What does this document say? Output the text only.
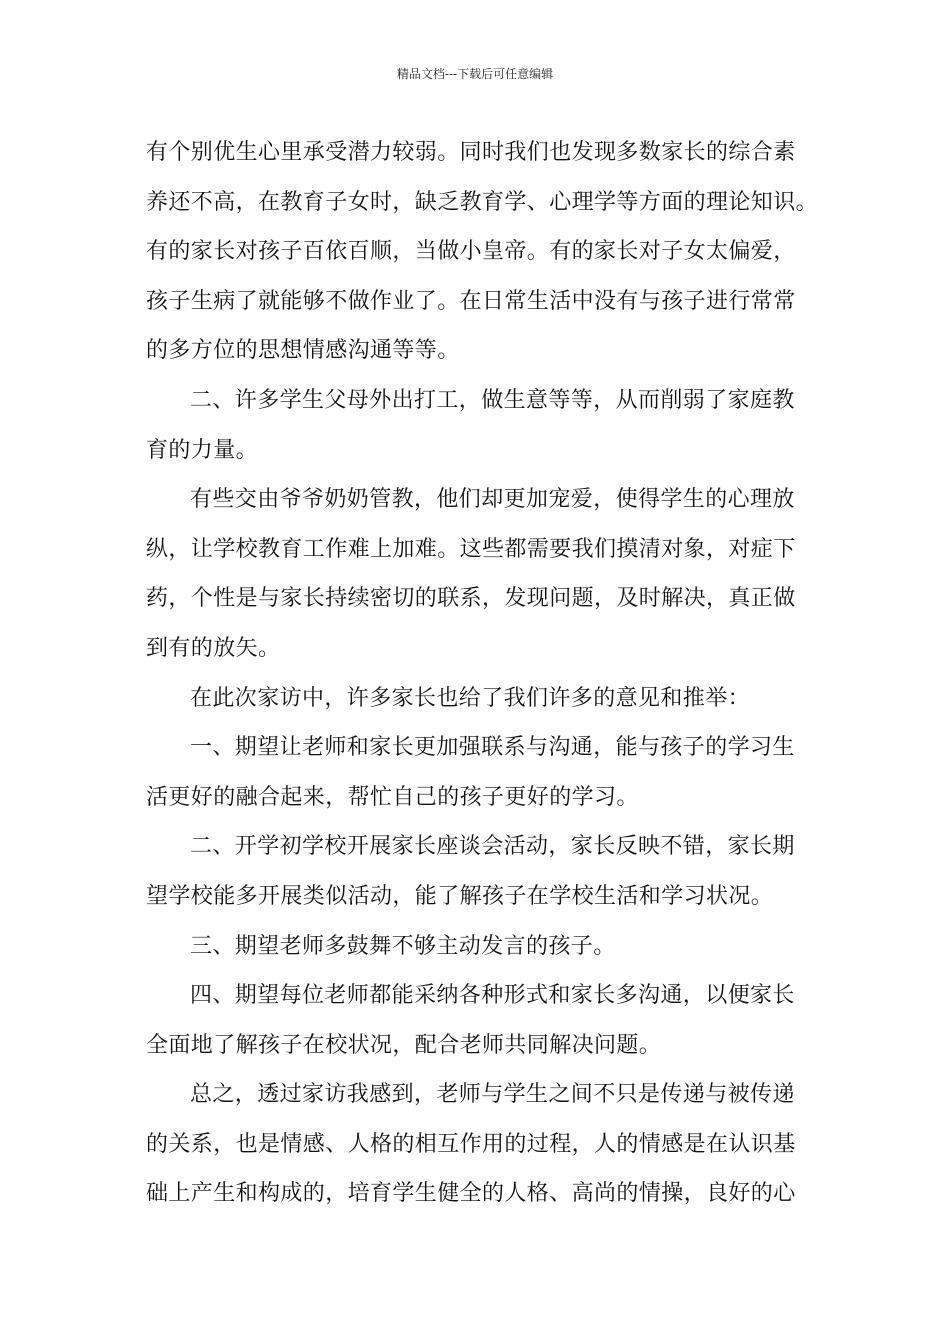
精品文档---下载后可任意编辑
有个别优生心里承受潜力较弱。同时我们也发现多数家长的综合素
养还不高，在教育子女时，缺乏教育学、心理学等方面的理论知识。
有的家长对孩子百依百顺，当做小皇帝。有的家长对子女太偏爱，
孩子生病了就能够不做作业了。在日常生活中没有与孩子进行常常
的多方位的思想情感沟通等等。
二、许多学生父母外出打工，做生意等等，从而削弱了家庭教
育的力量。
有些交由爷爷奶奶管教，他们却更加宠爱，使得学生的心理放
纵，让学校教育工作难上加难。这些都需要我们摸清对象，对症下
药，个性是与家长持续密切的联系，发现问题，及时解决，真正做
到有的放矢。
在此次家访中，许多家长也给了我们许多的意见和推举：
一、期望让老师和家长更加强联系与沟通，能与孩子的学习生
活更好的融合起来，帮忙自己的孩子更好的学习。
二、开学初学校开展家长座谈会活动，家长反映不错，家长期
望学校能多开展类似活动，能了解孩子在学校生活和学习状况。
三、期望老师多鼓舞不够主动发言的孩子。
四、期望每位老师都能采纳各种形式和家长多沟通，以便家长
全面地了解孩子在校状况，配合老师共同解决问题。
总之，透过家访我感到，老师与学生之间不只是传递与被传递
的关系，也是情感、人格的相互作用的过程，人的情感是在认识基
础上产生和构成的，培育学生健全的人格、高尚的情操，良好的心
